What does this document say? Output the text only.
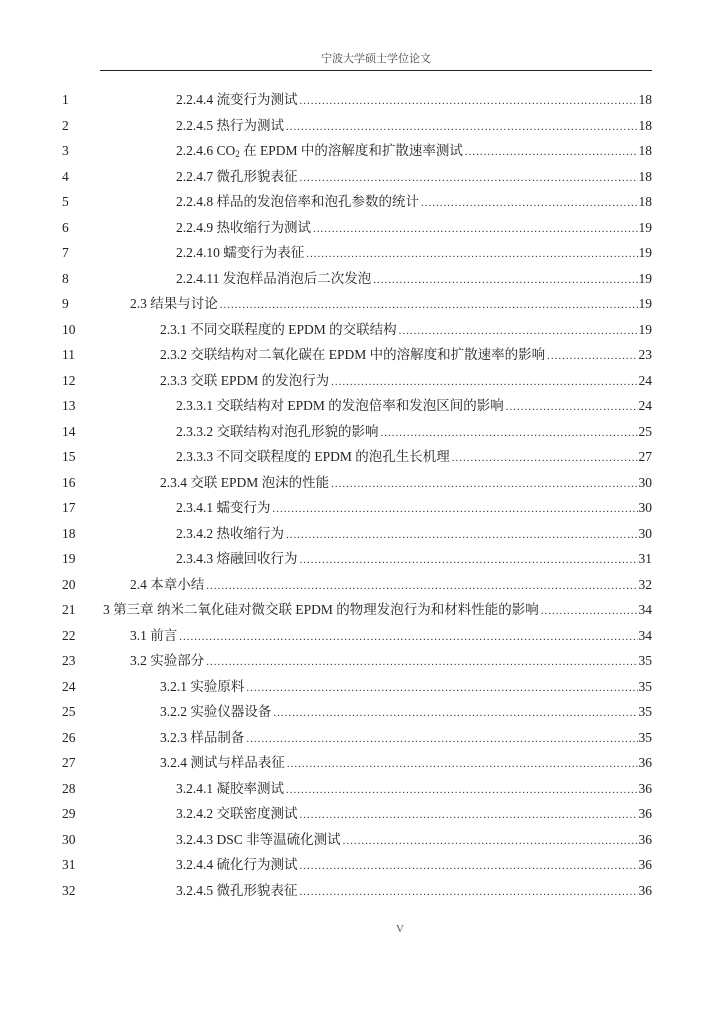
宁波大学硕士学位论文
1	2.2.4.4 流变行为测试 .....	18
2	2.2.4.5 热行为测试 .....	18
3	2.2.4.6 $CO_2$ 在 EPDM 中的溶解度和扩散速率测试 .....	18
4	2.2.4.7 微孔形貌表征 .....	18
5	2.2.4.8 样品的发泡倍率和泡孔参数的统计 .....	18
6	2.2.4.9 热收缩行为测试 .....	19
7	2.2.4.10 蠕变行为表征 .....	19
8	2.2.4.11 发泡样品消泡后二次发泡 .....	19
9	2.3 结果与讨论 .....	19
10	2.3.1 不同交联程度的 EPDM 的交联结构 .....	19
11	2.3.2 交联结构对二氧化碳在 EPDM 中的溶解度和扩散速率的影响 .....	23
12	2.3.3 交联 EPDM 的发泡行为 .....	24
13	2.3.3.1 交联结构对 EPDM 的发泡倍率和发泡区间的影响 .....	24
14	2.3.3.2 交联结构对泡孔形貌的影响 .....	25
15	2.3.3.3 不同交联程度的 EPDM 的泡孔生长机理 .....	27
16	2.3.4 交联 EPDM 泡沫的性能 .....	30
17	2.3.4.1 蠕变行为 .....	30
18	2.3.4.2 热收缩行为 .....	30
19	2.3.4.3 熔融回收行为 .....	31
20	2.4 本章小结 .....	32
21	3 第三章 纳米二氧化硅对微交联 EPDM 的物理发泡行为和材料性能的影响 .....	34
22	3.1 前言 .....	34
23	3.2 实验部分 .....	35
24	3.2.1 实验原料 .....	35
25	3.2.2 实验仪器设备 .....	35
26	3.2.3 样品制备 .....	35
27	3.2.4 测试与样品表征 .....	36
28	3.2.4.1 凝胶率测试 .....	36
29	3.2.4.2 交联密度测试 .....	36
30	3.2.4.3 DSC 非等温硫化测试 .....	36
31	3.2.4.4 硫化行为测试 .....	36
32	3.2.4.5 微孔形貌表征 .....	36
V
